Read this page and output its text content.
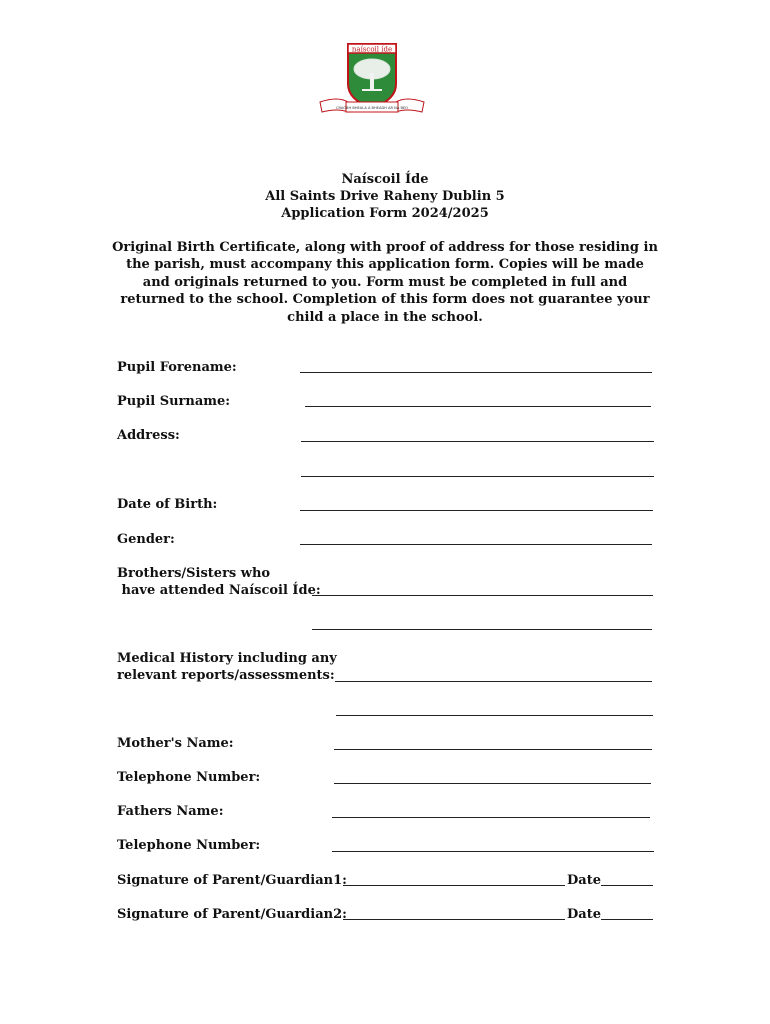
naíscoil íde
CRAOBH BHEALA A BHEADH AR NA BEO
Naíscoil Íde
All Saints Drive Raheny Dublin 5
Application Form 2024/2025
Original Birth Certificate, along with proof of address for those residing in the parish, must accompany this application form. Copies will be made and originals returned to you. Form must be completed in full and returned to the school. Completion of this form does not guarantee your child a place in the school.
Pupil Forename:
Pupil Surname:
Address:
Date of Birth:
Gender:
Brothers/Sisters who
have attended Naíscoil Íde:
Medical History including any
relevant reports/assessments:
Mother's Name:
Telephone Number:
Fathers Name:
Telephone Number:
Signature of Parent/Guardian1:	Date
Signature of Parent/Guardian2:	Date
